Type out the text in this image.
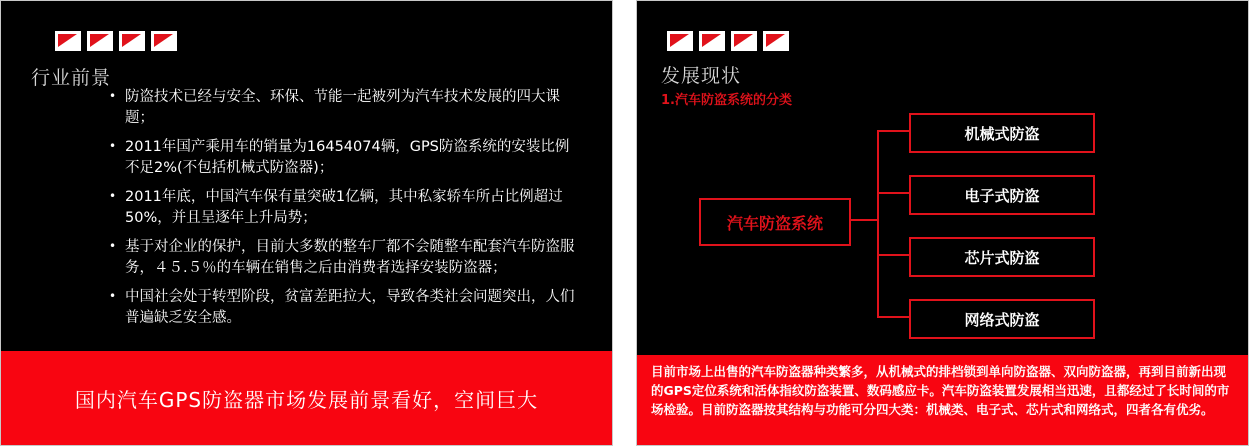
行业前景
• 防盗技术已经与安全、环保、节能一起被列为汽车技术发展的四大课题；
• 2011年国产乘用车的销量为16454074辆，GPS防盗系统的安装比例不足2%(不包括机械式防盗器)；
• 2011年底，中国汽车保有量突破1亿辆，其中私家轿车所占比例超过50%，并且呈逐年上升局势；
• 基于对企业的保护，目前大多数的整车厂都不会随整车配套汽车防盗服务，４５.５％的车辆在销售之后由消费者选择安装防盗器；
• 中国社会处于转型阶段，贫富差距拉大，导致各类社会问题突出，人们普遍缺乏安全感。
国内汽车GPS防盗器市场发展前景看好，空间巨大
发展现状
1.汽车防盗系统的分类
汽车防盗系统
机械式防盗
电子式防盗
芯片式防盗
网络式防盗
目前市场上出售的汽车防盗器种类繁多，从机械式的排档锁到单向防盗器、双向防盗器，再到目前新出现的GPS定位系统和活体指纹防盗装置、数码感应卡。汽车防盗装置发展相当迅速，且都经过了长时间的市场检验。目前防盗器按其结构与功能可分四大类：机械类、电子式、芯片式和网络式，四者各有优劣。
